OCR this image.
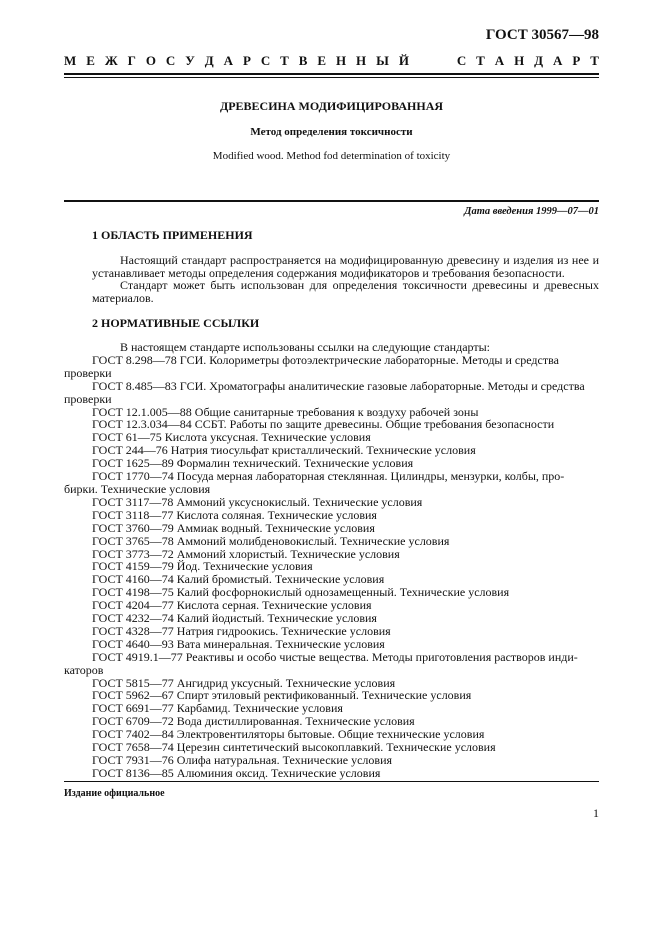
ГОСТ 30567—98
М Е Ж Г О С У Д А Р С Т В Е Н Н Ы Й	С Т А Н Д А Р Т
ДРЕВЕСИНА МОДИФИЦИРОВАННАЯ
Метод определения токсичности
Modified wood. Method fod determination of toxicity
Дата введения 1999—07—01
1 ОБЛАСТЬ ПРИМЕНЕНИЯ
Настоящий стандарт распространяется на модифицированную древесину и изделия из нее и устанавливает методы определения содержания модификаторов и требования безопасности.
Стандарт может быть использован для определения токсичности древесины и древесных материалов.
2 НОРМАТИВНЫЕ ССЫЛКИ
В настоящем стандарте использованы ссылки на следующие стандарты:
ГОСТ 8.298—78 ГСИ. Колориметры фотоэлектрические лабораторные. Методы и средства
проверки
ГОСТ 8.485—83 ГСИ. Хроматографы аналитические газовые лабораторные. Методы и средства
проверки
ГОСТ 12.1.005—88 Общие санитарные требования к воздуху рабочей зоны
ГОСТ 12.3.034—84 ССБТ. Работы по защите древесины. Общие требования безопасности
ГОСТ 61—75 Кислота уксусная. Технические условия
ГОСТ 244—76 Натрия тиосульфат кристаллический. Технические условия
ГОСТ 1625—89 Формалин технический. Технические условия
ГОСТ 1770—74 Посуда мерная лабораторная стеклянная. Цилиндры, мензурки, колбы, про-
бирки. Технические условия
ГОСТ 3117—78 Аммоний уксуснокислый. Технические условия
ГОСТ 3118—77 Кислота соляная. Технические условия
ГОСТ 3760—79 Аммиак водный. Технические условия
ГОСТ 3765—78 Аммоний молибденовокислый. Технические условия
ГОСТ 3773—72 Аммоний хлористый. Технические условия
ГОСТ 4159—79 Йод. Технические условия
ГОСТ 4160—74 Калий бромистый. Технические условия
ГОСТ 4198—75 Калий фосфорнокислый однозамещенный. Технические условия
ГОСТ 4204—77 Кислота серная. Технические условия
ГОСТ 4232—74 Калий йодистый. Технические условия
ГОСТ 4328—77 Натрия гидроокись. Технические условия
ГОСТ 4640—93 Вата минеральная. Технические условия
ГОСТ 4919.1—77 Реактивы и особо чистые вещества. Методы приготовления растворов инди-
каторов
ГОСТ 5815—77 Ангидрид уксусный. Технические условия
ГОСТ 5962—67 Спирт этиловый ректификованный. Технические условия
ГОСТ 6691—77 Карбамид. Технические условия
ГОСТ 6709—72 Вода дистиллированная. Технические условия
ГОСТ 7402—84 Электровентиляторы бытовые. Общие технические условия
ГОСТ 7658—74 Церезин синтетический высокоплавкий. Технические условия
ГОСТ 7931—76 Олифа натуральная. Технические условия
ГОСТ 8136—85 Алюминия оксид. Технические условия
Издание официальное
1
